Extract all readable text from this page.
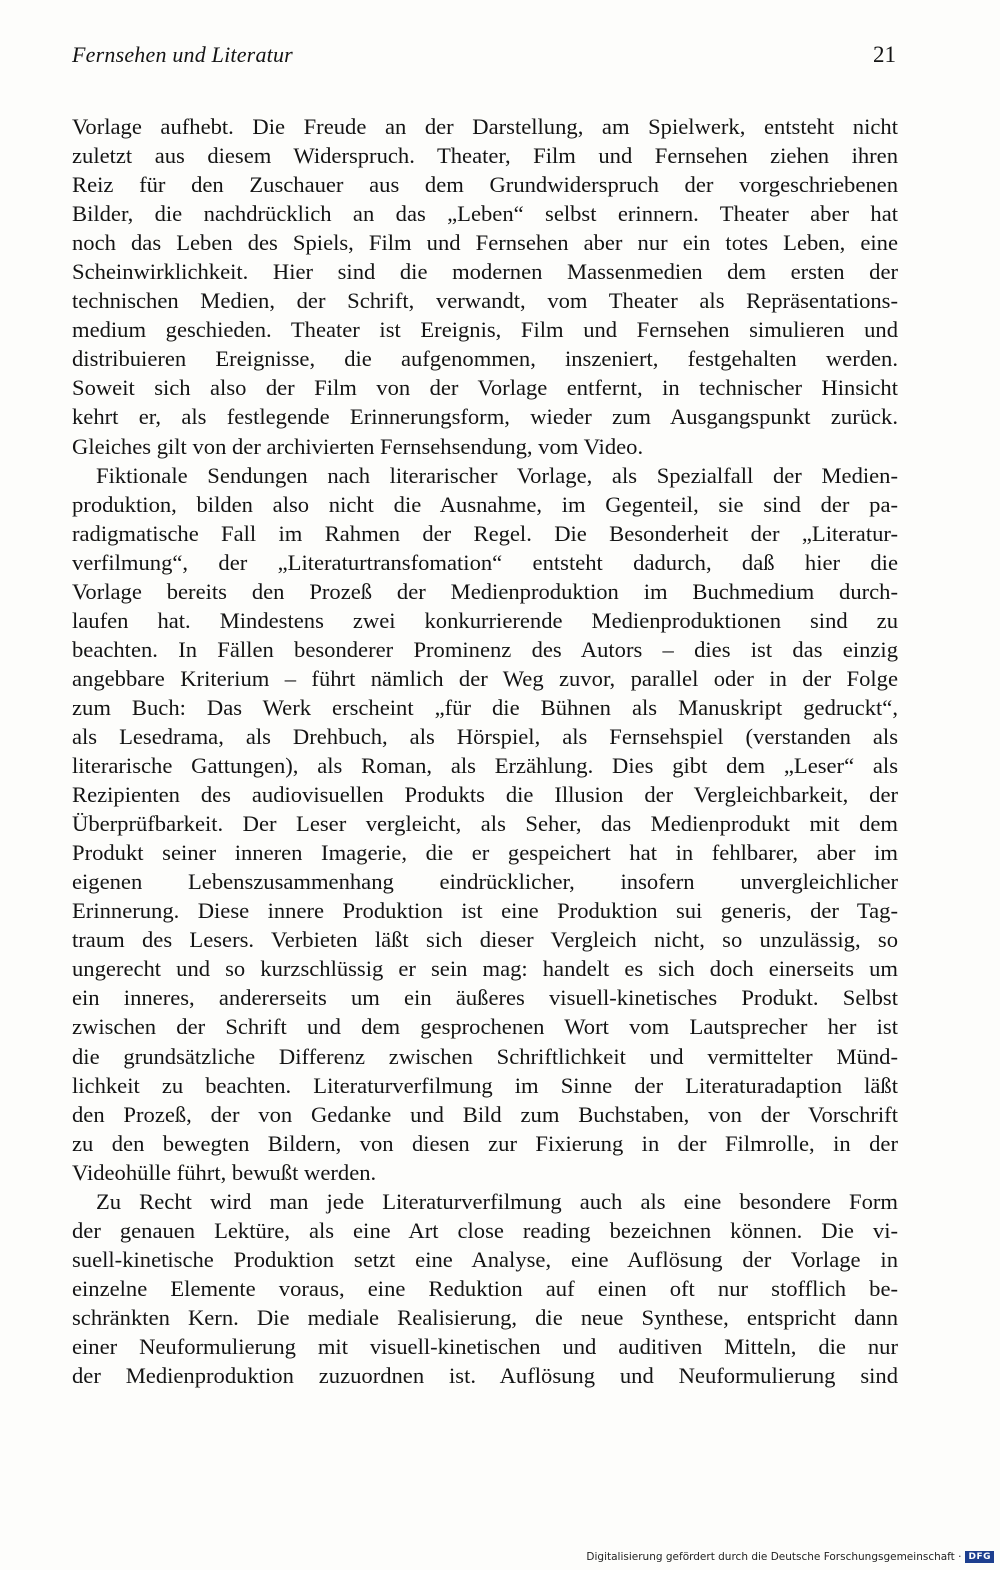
Fernsehen und Literatur	21
Vorlage aufhebt. Die Freude an der Darstellung, am Spielwerk, entsteht nicht
zuletzt aus diesem Widerspruch. Theater, Film und Fernsehen ziehen ihren
Reiz für den Zuschauer aus dem Grundwiderspruch der vorgeschriebenen
Bilder, die nachdrücklich an das „Leben“ selbst erinnern. Theater aber hat
noch das Leben des Spiels, Film und Fernsehen aber nur ein totes Leben, eine
Scheinwirklichkeit. Hier sind die modernen Massenmedien dem ersten der
technischen Medien, der Schrift, verwandt, vom Theater als Repräsentations-
medium geschieden. Theater ist Ereignis, Film und Fernsehen simulieren und
distribuieren Ereignisse, die aufgenommen, inszeniert, festgehalten werden.
Soweit sich also der Film von der Vorlage entfernt, in technischer Hinsicht
kehrt er, als festlegende Erinnerungsform, wieder zum Ausgangspunkt zurück.
Gleiches gilt von der archivierten Fernsehsendung, vom Video.
Fiktionale Sendungen nach literarischer Vorlage, als Spezialfall der Medien-
produktion, bilden also nicht die Ausnahme, im Gegenteil, sie sind der pa-
radigmatische Fall im Rahmen der Regel. Die Besonderheit der „Literatur-
verfilmung“, der „Literaturtransfomation“ entsteht dadurch, daß hier die
Vorlage bereits den Prozeß der Medienproduktion im Buchmedium durch-
laufen hat. Mindestens zwei konkurrierende Medienproduktionen sind zu
beachten. In Fällen besonderer Prominenz des Autors – dies ist das einzig
angebbare Kriterium – führt nämlich der Weg zuvor, parallel oder in der Folge
zum Buch: Das Werk erscheint „für die Bühnen als Manuskript gedruckt“,
als Lesedrama, als Drehbuch, als Hörspiel, als Fernsehspiel (verstanden als
literarische Gattungen), als Roman, als Erzählung. Dies gibt dem „Leser“ als
Rezipienten des audiovisuellen Produkts die Illusion der Vergleichbarkeit, der
Überprüfbarkeit. Der Leser vergleicht, als Seher, das Medienprodukt mit dem
Produkt seiner inneren Imagerie, die er gespeichert hat in fehlbarer, aber im
eigenen Lebenszusammenhang eindrücklicher, insofern unvergleichlicher
Erinnerung. Diese innere Produktion ist eine Produktion sui generis, der Tag-
traum des Lesers. Verbieten läßt sich dieser Vergleich nicht, so unzulässig, so
ungerecht und so kurzschlüssig er sein mag: handelt es sich doch einerseits um
ein inneres, andererseits um ein äußeres visuell-kinetisches Produkt. Selbst
zwischen der Schrift und dem gesprochenen Wort vom Lautsprecher her ist
die grundsätzliche Differenz zwischen Schriftlichkeit und vermittelter Münd-
lichkeit zu beachten. Literaturverfilmung im Sinne der Literaturadaption läßt
den Prozeß, der von Gedanke und Bild zum Buchstaben, von der Vorschrift
zu den bewegten Bildern, von diesen zur Fixierung in der Filmrolle, in der
Videohülle führt, bewußt werden.
Zu Recht wird man jede Literaturverfilmung auch als eine besondere Form
der genauen Lektüre, als eine Art close reading bezeichnen können. Die vi-
suell-kinetische Produktion setzt eine Analyse, eine Auflösung der Vorlage in
einzelne Elemente voraus, eine Reduktion auf einen oft nur stofflich be-
schränkten Kern. Die mediale Realisierung, die neue Synthese, entspricht dann
einer Neuformulierung mit visuell-kinetischen und auditiven Mitteln, die nur
der Medienproduktion zuzuordnen ist. Auflösung und Neuformulierung sind
Digitalisierung gefördert durch die Deutsche Forschungsgemeinschaft · DFG
